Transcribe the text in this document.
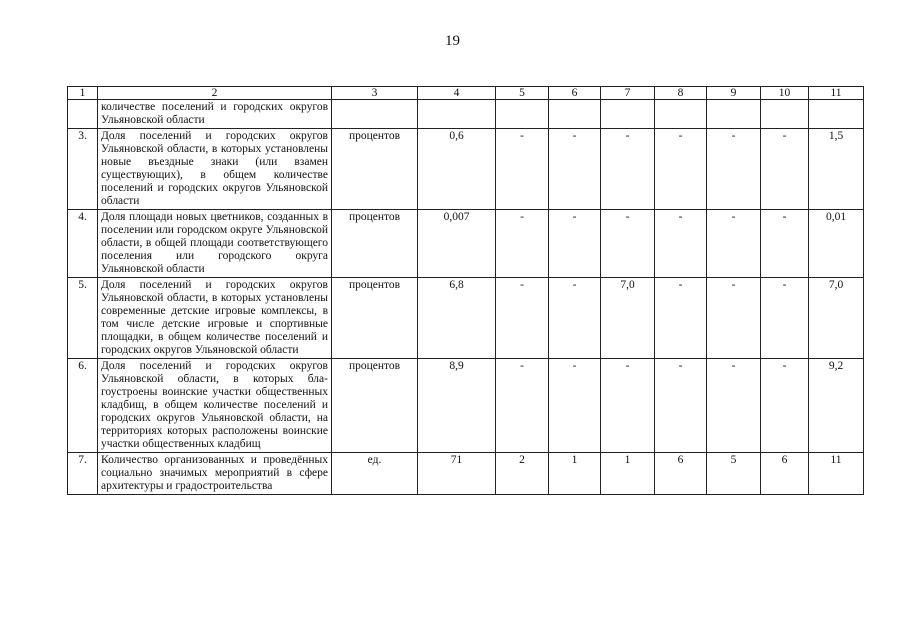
19
1	2	3	4	5	6	7	8	9	10	11
	количестве поселений и городских округов Ульяновской области									
3.	Доля поселений и городских округов Ульяновской области, в которых установлены новые въездные знаки (или взамен существующих), в общем количестве поселений и городских округов Ульяновской области	процентов	0,6	-	-	-	-	-	-	1,5
4.	Доля площади новых цветников, созданных в поселении или городском округе Ульяновской области, в общей площади соответствующего поселения или городского округа Ульяновской области	процентов	0,007	-	-	-	-	-	-	0,01
5.	Доля поселений и городских округов Ульяновской области, в которых установлены современные детские игровые комплексы, в том числе детские игровые и спортивные площадки, в общем количестве поселений и городских округов Ульяновской области	процентов	6,8	-	-	7,0	-	-	-	7,0
6.	Доля поселений и городских округов Ульяновской области, в которых благоустроены воинские участки общественных кладбищ, в общем количестве поселений и городских округов Ульяновской области, на территориях которых расположены воинские участки общественных кладбищ	процентов	8,9	-	-	-	-	-	-	9,2
7.	Количество организованных и проведённых социально значимых мероприятий в сфере архитектуры и градостроительства	ед.	71	2	1	1	6	5	6	11
